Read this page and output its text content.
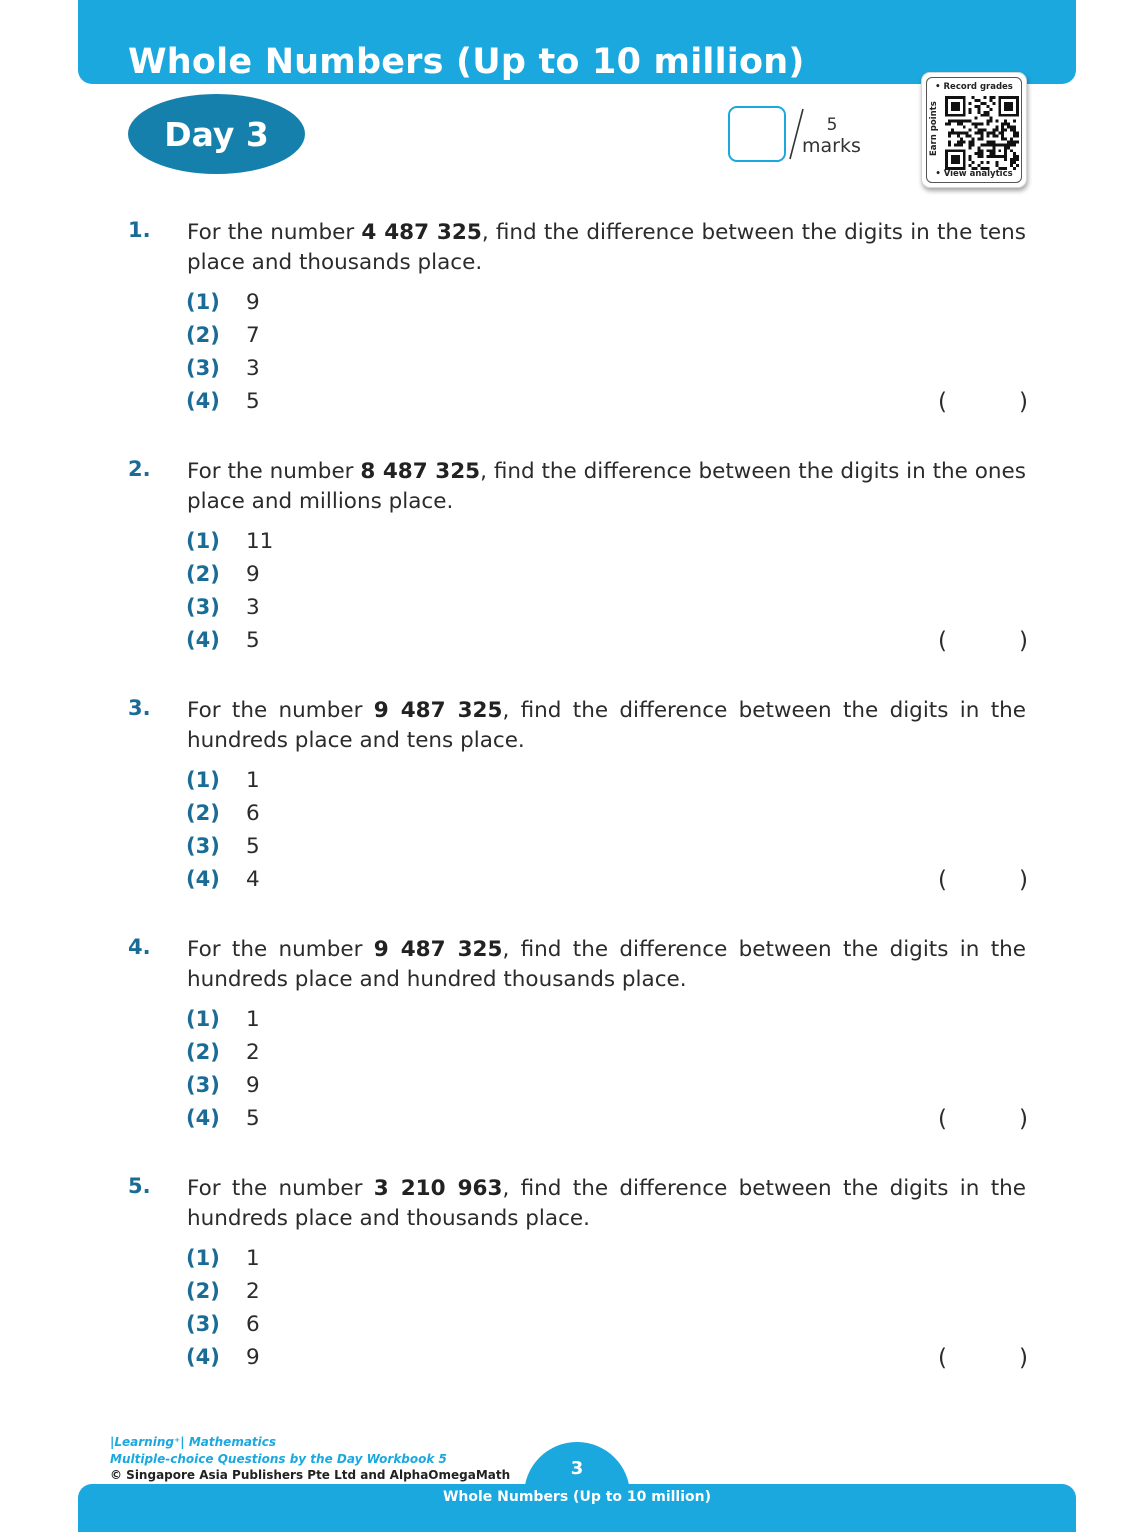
Whole Numbers (Up to 10 million)
Day 3	5
marks
• Record grades
Earn points
• View analytics
1. For the number 4 487 325, find the difference between the digits in the tens place and thousands place.
(1) 9
(2) 7
(3) 3
(4) 5	(	)
2. For the number 8 487 325, find the difference between the digits in the ones place and millions place.
(1) 11
(2) 9
(3) 3
(4) 5	(	)
3. For the number 9 487 325, find the difference between the digits in the hundreds place and tens place.
(1) 1
(2) 6
(3) 5
(4) 4	(	)
4. For the number 9 487 325, find the difference between the digits in the hundreds place and hundred thousands place.
(1) 1
(2) 2
(3) 9
(4) 5	(	)
5. For the number 3 210 963, find the difference between the digits in the hundreds place and thousands place.
(1) 1
(2) 2
(3) 6
(4) 9	(	)
|Learning⁺| Mathematics
Multiple-choice Questions by the Day Workbook 5
© Singapore Asia Publishers Pte Ltd and AlphaOmegaMath	3
Whole Numbers (Up to 10 million)
